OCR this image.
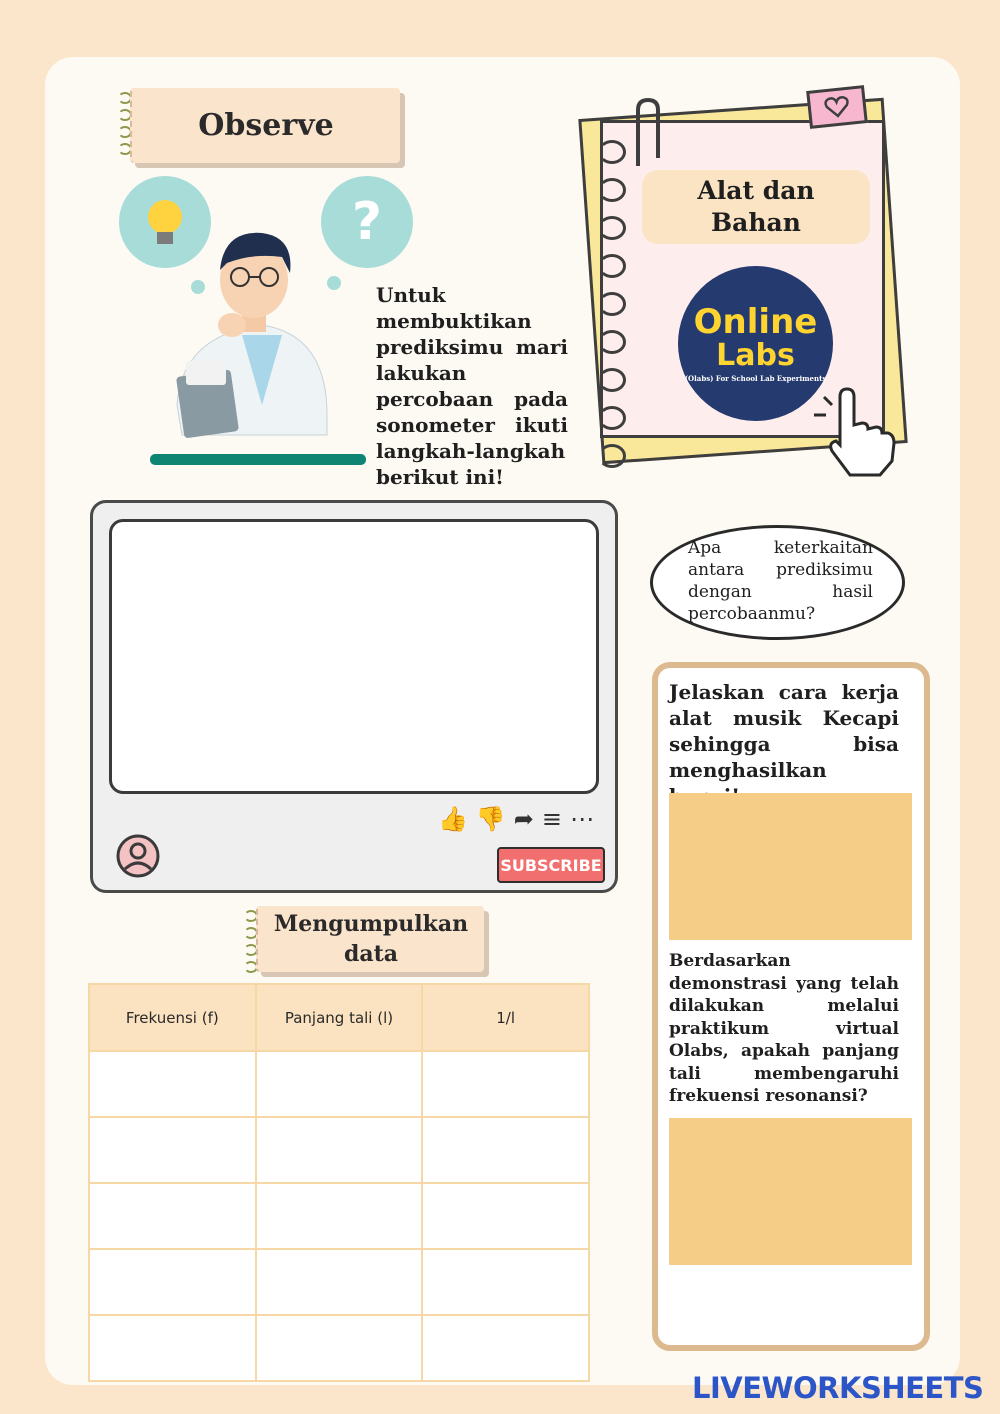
Observe
?
Untuk membuktikan prediksimu mari lakukan percobaan pada sonometer ikuti langkah-langkah berikut ini!
Alat dan
Bahan
Online
Labs
(Olabs) For School Lab Experiments
👍 👎 ➦ ≡ ⋯
SUBSCRIBE
Apa keterkaitan antara prediksimu dengan hasil percobaanmu?
Mengumpulkan
data
Frekuensi (f)	Panjang tali (l)	1/l

Jelaskan cara kerja alat musik Kecapi sehingga bisa menghasilkan
Berdasarkan demonstrasi yang telah dilakukan melalui praktikum virtual Olabs, apakah panjang tali membengaruhi frekuensi resonansi?
LIVEWORKSHEETS
